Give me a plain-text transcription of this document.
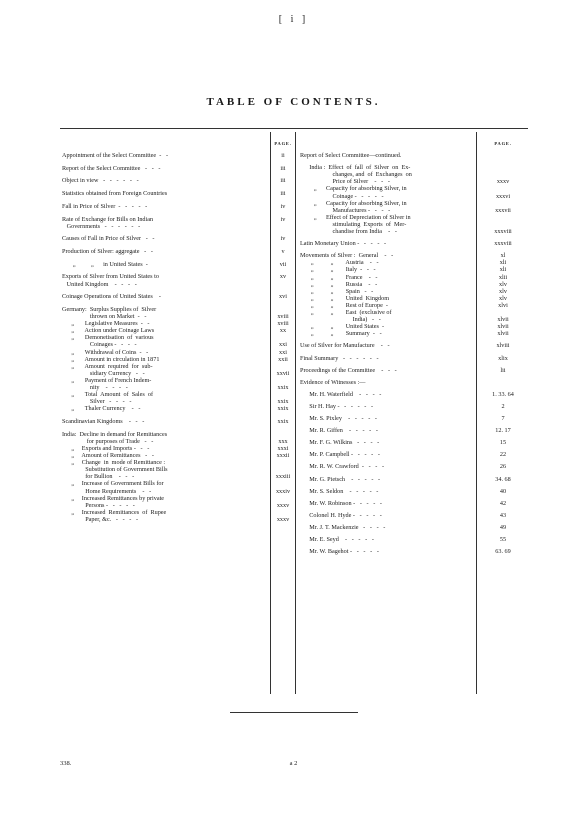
[ i ]
TABLE OF CONTENTS.
PAGE.	PAGE.
Appointment of the Select Committee  -   -	ii
Report of the Select Committee   -   -   -	iii
Object in view   -   -   -   -   -   -	iii
Statistics obtained from Foreign Countries	iii
Fall in Price of Silver  -   -   -   -   -	iv
Rate of Exchange for Bills on Indian	iv
Governments   -   -   -   -   -   -
Causes of Fall in Price of Silver   -   -	iv
Production of Silver: aggregate   -   -	v
„          „      in United States  -	vii
Exports of Silver from United States to	xv
United Kingdom    -   -   -   -
Coinage Operations of United States    -	xvi
Germany:  Surplus Supplies of  Silver
thrown on Market  -   -	xviii
„       Legislative Measures  -   -	xviii
„       Action under Coinage Laws	xx
„       Demonetisation  of  various
Coinages -   -   -   -	xxi
„       Withdrawal of Coins  -   -	xxi
„       Amount in circulation in 1871	xxii
„       Amount  required  for  sub-
sidiary Currency   -   -	xxvii
„       Payment of French Indem-
nity    -   -   -   -	xxix
„       Total  Amount  of  Sales  of
Silver   -   -   -   -	xxix
„       Thaler Currency    -   -	xxix
Scandinavian Kingdoms    -   -   -	xxix
India:  Decline in demand for Remittances
for purposes of Trade   -   -	xxx
„     Exports and Imports -   -   -	xxxi
„     Amount of Remittances   -   -	xxxii
„     Change  in  mode of Remittance :
Substitution of Government Bills
for Bullion    -   -   -	xxxiii
„     Increase of Government Bills for
Home Requirements    -   -	xxxiv
„     Increased Remittances by private
Persons -   -   -   -   -	xxxv
„     Increased  Remittances  of  Rupee
Paper, &c.   -   -   -   -	xxxv
Report of Select Committee—continued.
India :  Effect  of  fall  of  Silver  on  Ex-
changes, and  of  Exchanges  on
Price of Silver    -   -   -	xxxv
„      Capacity for absorbing Silver, in
Coinage -   -   -   -   -	xxxvi
„      Capacity for absorbing Silver, in
Manufactures -   -   -   -	xxxvii
„      Effect of Depreciation of Silver in
stimulating  Exports  of  Mer-
chandise from India    -   -	xxxviii
Latin Monetary Union -   -   -   -   -	xxxviii
Movements of Silver :  General    -   -	xl
„           „        Austria    -   -	xli
„           „        Italy  -   -   -	xli
„           „        France    -   -	xlii
„           „        Russia    -   -	xlv
„           „        Spain   -   -	xlv
„           „        United  Kingdom	xlv
„           „        Rest of Europe  -	xlvi
„           „        East  (exclusive of
India)   -   -	xlvii
„           „        United States  -	xlvii
„           „        Summary  -   -	xlvii
Use of Silver for Manufacture    -   -	xlviii
Final Summary   -   -   -   -   -   -	xlix
Proceedings of the Committee    -   -   -	lii
Evidence of Witnesses :—
Mr. H. Waterfield    -   -   -   -	1. 33. 64
Sir H. Hay -   -   -   -   -   -	2
Mr. S. Pixley    -   -   -   -   -	7
Mr. R. Giffen    -   -   -   -   -	12. 17
Mr. F. G. Wilkins   -   -   -   -	15
Mr. P. Campbell -   -   -   -   -	22
Mr. R. W. Crawford  -   -   -   -	26
Mr. G. Pietsch    -   -   -   -   -	34. 68
Mr. S. Seldon    -   -   -   -   -	40
Mr. W. Robinson -   -   -   -   -	42
Colonel H. Hyde -   -   -   -   -	43
Mr. J. T. Mackenzie   -   -   -   -	49
Mr. E. Seyd    -   -   -   -   -	55
Mr. W. Bagehot -   -   -   -   -	63. 69
338.	a 2
